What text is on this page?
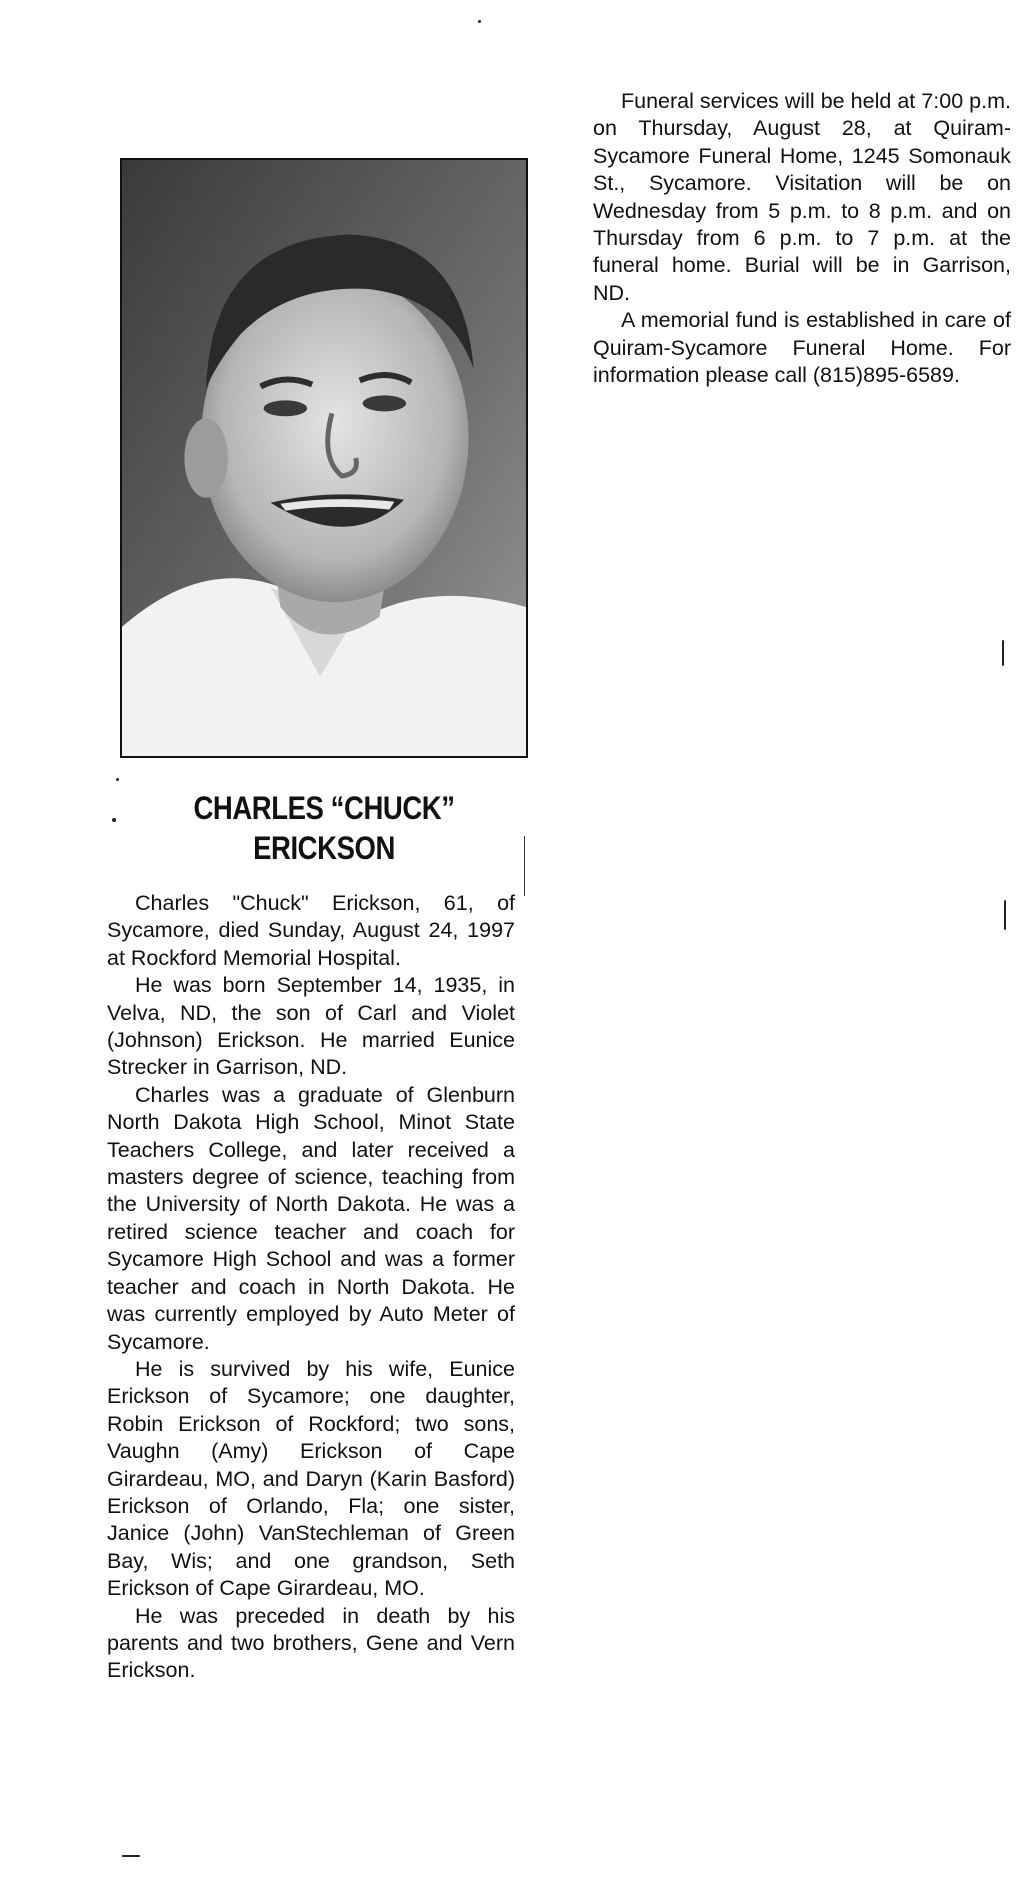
CHARLES “CHUCK”
ERICKSON

Charles "Chuck" Erickson, 61, of Sycamore, died Sunday, August 24, 1997 at Rockford Memorial Hospital.

He was born September 14, 1935, in Velva, ND, the son of Carl and Violet (Johnson) Erickson. He married Eunice Strecker in Garrison, ND.

Charles was a graduate of Glenburn North Dakota High School, Minot State Teachers College, and later received a masters degree of science, teaching from the University of North Dakota. He was a retired science teacher and coach for Sycamore High School and was a former teacher and coach in North Dakota. He was currently employed by Auto Meter of Sycamore.

He is survived by his wife, Eunice Erickson of Sycamore; one daughter, Robin Erickson of Rockford; two sons, Vaughn (Amy) Erickson of Cape Girardeau, MO, and Daryn (Karin Basford) Erickson of Orlando, Fla; one sister, Janice (John) VanStechleman of Green Bay, Wis; and one grandson, Seth Erickson of Cape Girardeau, MO.

He was preceded in death by his parents and two brothers, Gene and Vern Erickson.

Funeral services will be held at 7:00 p.m. on Thursday, August 28, at Quiram-Sycamore Funeral Home, 1245 Somonauk St., Sycamore. Visitation will be on Wednesday from 5 p.m. to 8 p.m. and on Thursday from 6 p.m. to 7 p.m. at the funeral home. Burial will be in Garrison, ND.

A memorial fund is established in care of Quiram-Sycamore Funeral Home. For information please call (815)895-6589.
